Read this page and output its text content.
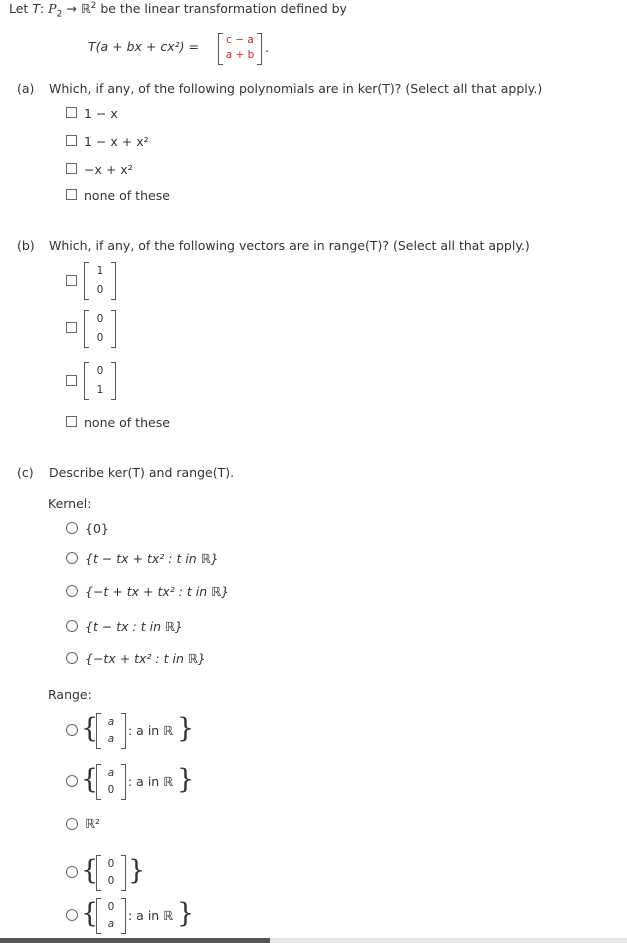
Let T: $P_2$ → ℝ$^2$ be the linear transformation defined by
T(a + bx + cx²) =	c − a
a + b .
(a) Which, if any, of the following polynomials are in ker(T)? (Select all that apply.)
1 − x
1 − x + x²
−x + x²
none of these
(b) Which, if any, of the following vectors are in range(T)? (Select all that apply.)
1
0
0
0
0
1
none of these
(c) Describe ker(T) and range(T).
Kernel:
{0}
{t − tx + tx² : t in ℝ}
{−t + tx + tx² : t in ℝ}
{t − tx : t in ℝ}
{−tx + tx² : t in ℝ}
Range:
{ a
a
: a in ℝ }
{ a
0
: a in ℝ }
ℝ²
{ 0
0 }
{ 0
a
: a in ℝ }
